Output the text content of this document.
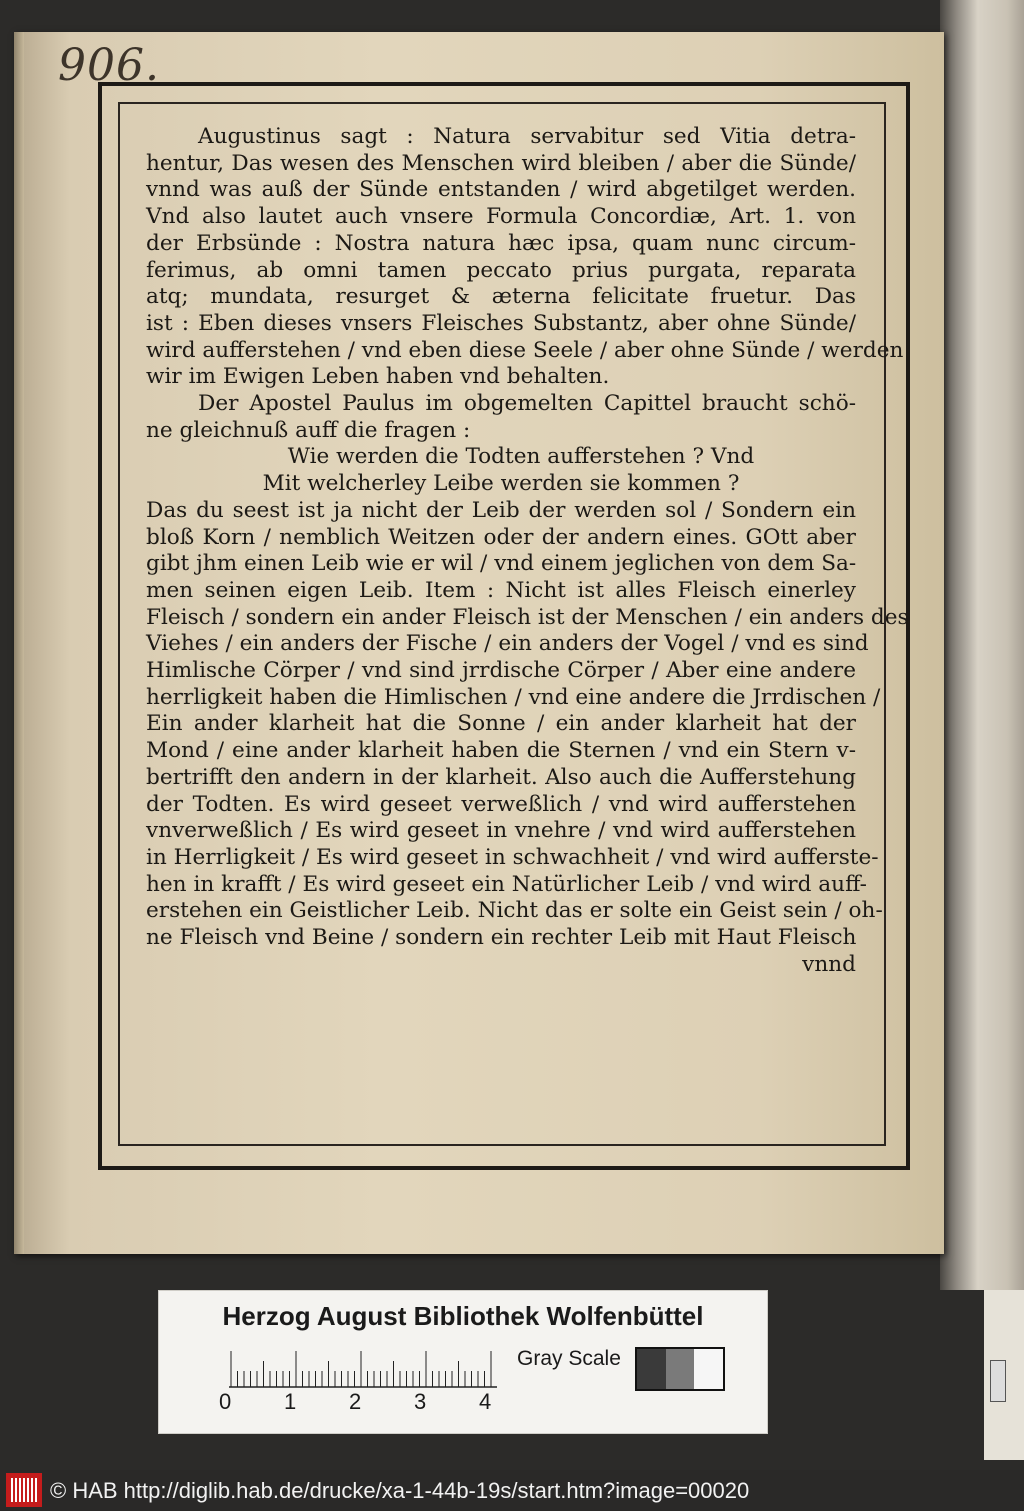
906.
Augustinus sagt : Natura servabitur sed Vitia detra-
hentur, Das wesen des Menschen wird bleiben / aber die Sünde/
vnnd was auß der Sünde entstanden / wird abgetilget werden.
Vnd also lautet auch vnsere Formula Concordiæ, Art. 1. von
der Erbsünde : Nostra natura hæc ipsa, quam nunc circum-
ferimus, ab omni tamen peccato prius purgata, reparata
atq; mundata, resurget & æterna felicitate fruetur. Das
ist : Eben dieses vnsers Fleisches Substantz, aber ohne Sünde/
wird aufferstehen / vnd eben diese Seele / aber ohne Sünde / werden
wir im Ewigen Leben haben vnd behalten.
Der Apostel Paulus im obgemelten Capittel braucht schö-
ne gleichnuß auff die fragen :
Wie werden die Todten aufferstehen ? Vnd
Mit welcherley Leibe werden sie kommen ?
Das du seest ist ja nicht der Leib der werden sol / Sondern ein
bloß Korn / nemblich Weitzen oder der andern eines. GOtt aber
gibt jhm einen Leib wie er wil / vnd einem jeglichen von dem Sa-
men seinen eigen Leib. Item : Nicht ist alles Fleisch einerley
Fleisch / sondern ein ander Fleisch ist der Menschen / ein anders des
Viehes / ein anders der Fische / ein anders der Vogel / vnd es sind
Himlische Cörper / vnd sind jrrdische Cörper / Aber eine andere
herrligkeit haben die Himlischen / vnd eine andere die Jrrdischen /
Ein ander klarheit hat die Sonne / ein ander klarheit hat der
Mond / eine ander klarheit haben die Sternen / vnd ein Stern v-
bertrifft den andern in der klarheit. Also auch die Aufferstehung
der Todten. Es wird geseet verweßlich / vnd wird aufferstehen
vnverweßlich / Es wird geseet in vnehre / vnd wird aufferstehen
in Herrligkeit / Es wird geseet in schwachheit / vnd wird aufferste-
hen in krafft / Es wird geseet ein Natürlicher Leib / vnd wird auff-
erstehen ein Geistlicher Leib. Nicht das er solte ein Geist sein / oh-
ne Fleisch vnd Beine / sondern ein rechter Leib mit Haut Fleisch
vnnd
Herzog August Bibliothek Wolfenbüttel
0 1 2 3 4
Gray Scale
© HAB http://diglib.hab.de/drucke/xa-1-44b-19s/start.htm?image=00020
